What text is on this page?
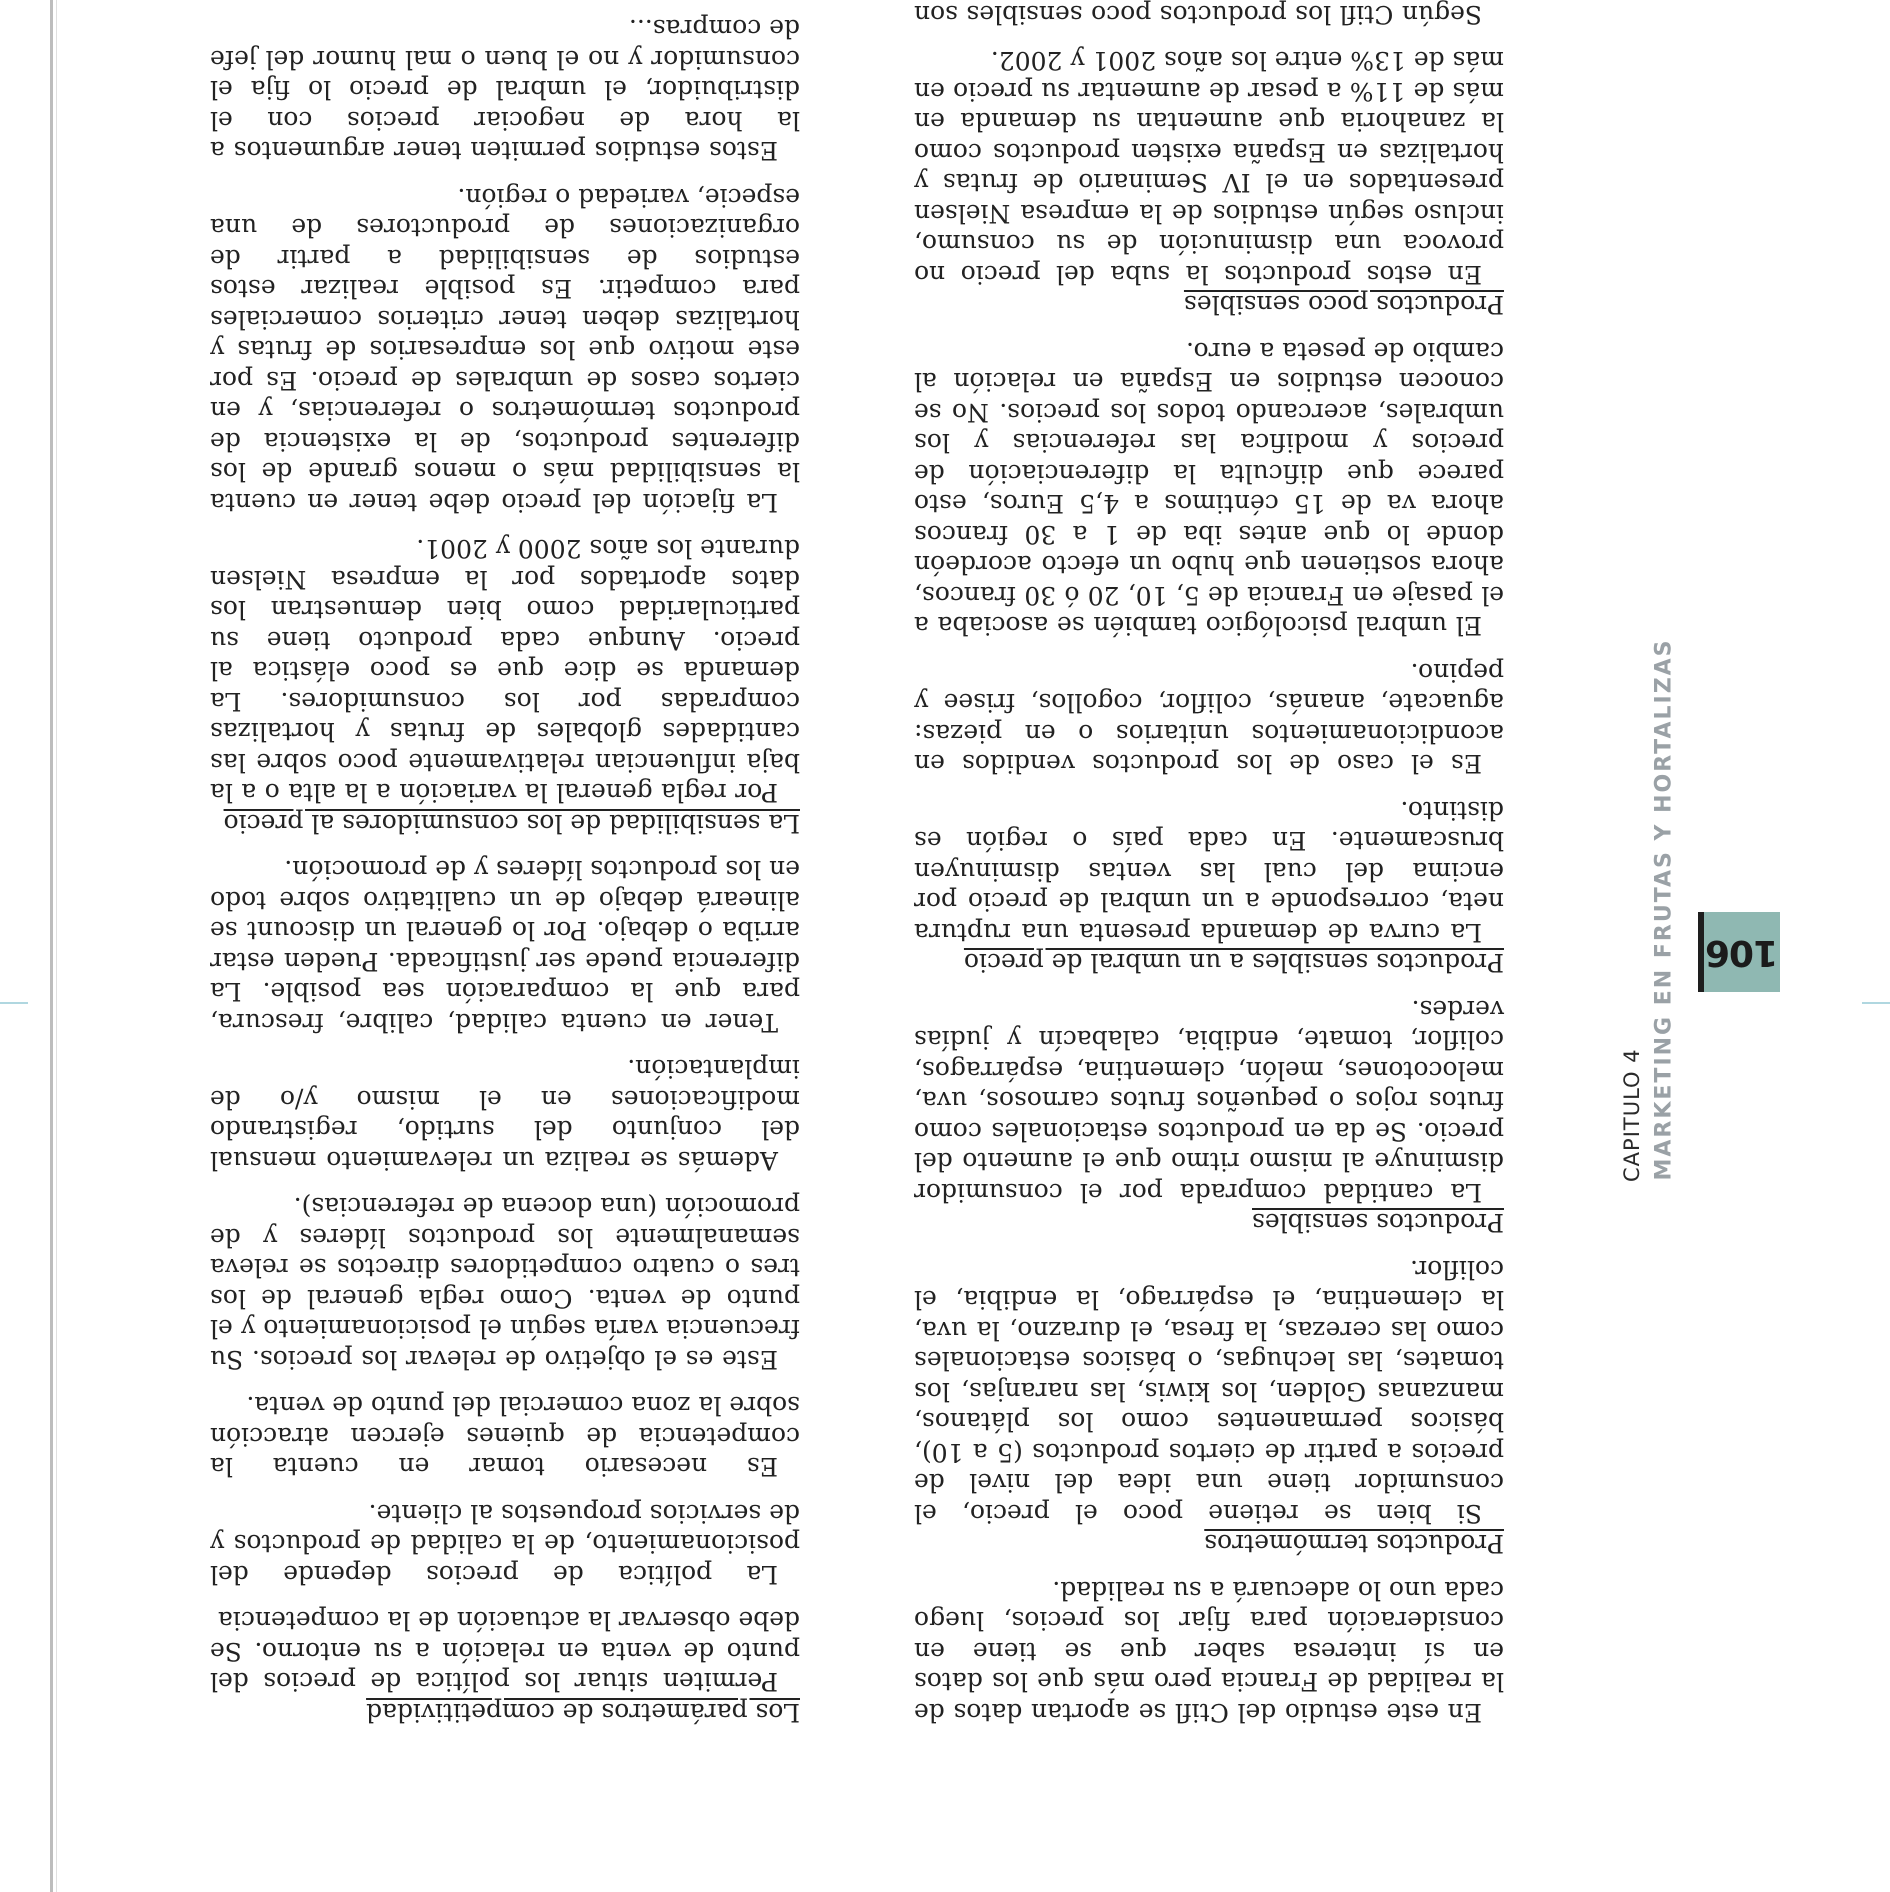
106
MARKETING EN FRUTAS Y HORTALIZAS
CAPITULO 4
Los parámetros de competitividad

Permiten situar los política de precios del punto de venta en relación a su entorno. Se debe observar la actuación de la competencia

La política de precios depende del posicionamiento, de la calidad de productos y de servicios propuestos al cliente.

Es necesario tomar en cuenta la competencia de quienes ejercen atracción sobre la zona comercial del punto de venta.

Este es el objetivo de relevar los precios. Su frecuencia varía según el posicionamiento y el punto de venta. Como regla general de los tres o cuatro competidores directos se releva semanalmente los productos líderes y de promoción (una docena de referencias).

Además se realiza un relevamiento mensual del conjunto del surtido, registrando modificaciones en el mismo y/o de implantación.

Tener en cuenta calidad, calibre, frescura, para que la comparación sea posible. La diferencia puede ser justificada. Pueden estar arriba o debajo. Por lo general un discount se alineará debajo de un cualitativo sobre todo en los productos líderes y de promoción.

La sensibilidad de los consumidores al precio

Por regla general la variación a la alta o a la baja influencian relativamente poco sobre las cantidades globales de frutas y hortalizas compradas por los consumidores. La demanda se dice que es poco elástica al precio. Aunque cada producto tiene su particularidad como bien demuestran los datos aportados por la empresa Nielsen durante los años 2000 y 2001.

La fijación del precio debe tener en cuenta la sensibilidad más o menos grande de los diferentes productos, de la existencia de productos termómetros o referencias, y en ciertos casos de umbrales de precio. Es por este motivo que los empresarios de frutas y hortalizas deben tener criterios comerciales para competir. Es posible realizar estos estudios de sensibilidad a partir de organizaciones de productores de una especie, variedad o región.

Estos estudios permiten tener argumentos a la hora de negociar precios con el distribuidor, el umbral de precio lo fija el consumidor y no el buen o mal humor del jefe de compras...

En este estudio del Ctifl se aportan datos de la realidad de Francia pero más que los datos en sí interesa saber que se tiene en consideración para fijar los precios, luego cada uno lo adecuará a su realidad.

Productos termómetros

Si bien se retiene poco el precio, el consumidor tiene una idea del nivel de precios a partir de ciertos productos (5 a 10), básicos permanentes como los plátanos, manzanas Golden, los kiwis, las naranjas, los tomates, las lechugas, o básicos estacionales como las cerezas, la fresa, el durazno, la uva, la clementina, el espárrago, la endibia, el coliflor.

Productos sensibles

La cantidad comprada por el consumidor disminuye al mismo ritmo que el aumento del precio. Se da en productos estacionales como frutos rojos o pequeños frutos carnosos, uva, melocotones, melón, clementina, espárragos, coliflor, tomate, endibia, calabacín y judías verdes.

Productos sensibles a un umbral de precio

La curva de demanda presenta una ruptura neta, corresponde a un umbral de precio por encima del cual las ventas disminuyen bruscamente. En cada país o región es distinto.

Es el caso de los productos vendidos en acondicionamientos unitarios o en piezas: aguacate, ananás, coliflor, cogollos, frisee y pepino.

El umbral psicológico también se asociaba a el pasaje en Francia de 5, 10, 20 ó 30 francos, ahora sostienen que hubo un efecto acordeón donde lo que antes iba de 1 a 30 francos ahora va de 15 céntimos a 4,5 Euros, esto parece que dificulta la diferenciación de precios y modifica las referencias y los umbrales, acercando todos los precios. No se conocen estudios en España en relación al cambio de peseta a euro.

Productos poco sensibles

En estos productos la suba del precio no provoca una disminución de su consumo, incluso según estudios de la empresa Nielsen presentados en el IV Seminario de frutas y hortalizas en España existen productos como la zanahoria que aumentan su demanda en más de 11% a pesar de aumentar su precio en más de 13% entre los años 2001 y 2002.

Según Ctifl los productos poco sensibles son
